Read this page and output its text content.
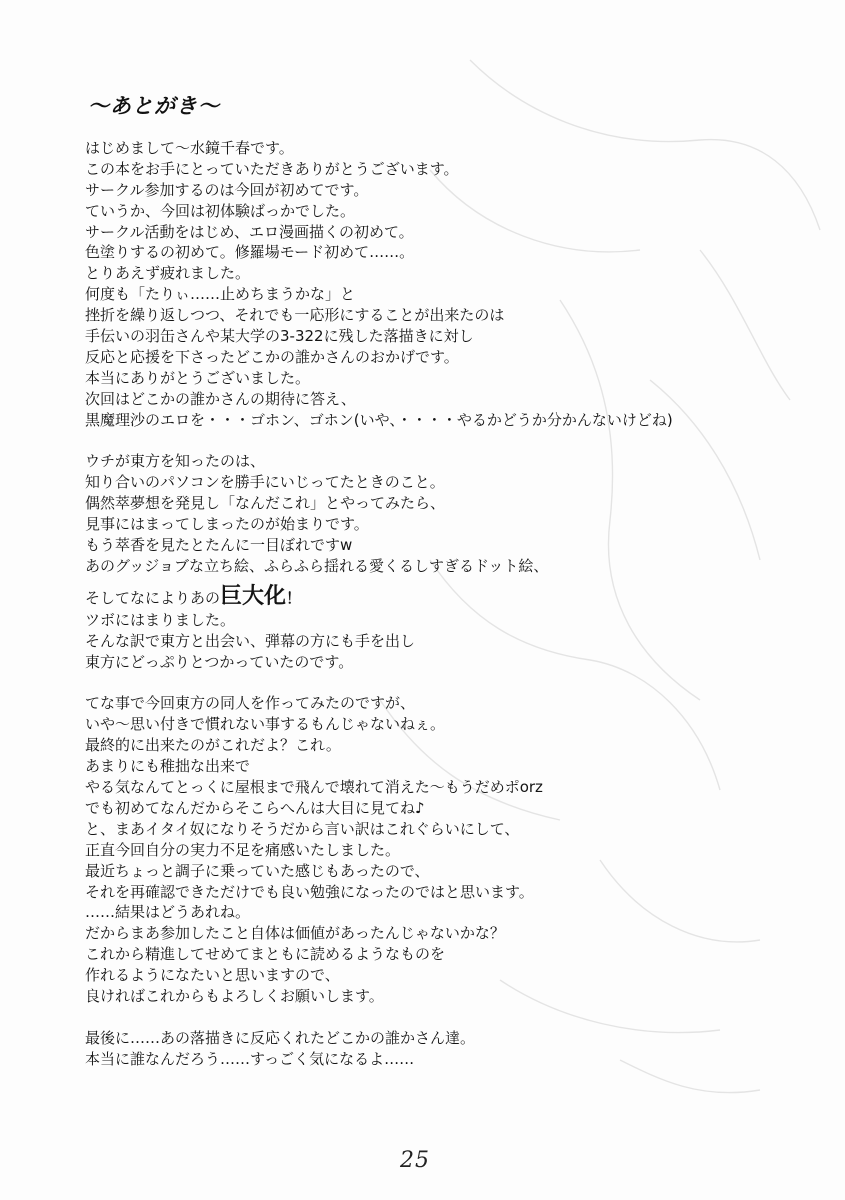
～あとがき～
はじめまして～水鏡千春です。
この本をお手にとっていただきありがとうございます。
サークル参加するのは今回が初めてです。
ていうか、今回は初体験ばっかでした。
サークル活動をはじめ、エロ漫画描くの初めて。
色塗りするの初めて。修羅場モード初めて……。
とりあえず疲れました。
何度も「たりぃ……止めちまうかな」と
挫折を繰り返しつつ、それでも一応形にすることが出来たのは
手伝いの羽缶さんや某大学の3-322に残した落描きに対し
反応と応援を下さったどこかの誰かさんのおかげです。
本当にありがとうございました。
次回はどこかの誰かさんの期待に答え、
黒魔理沙のエロを・・・ゴホン、ゴホン(いや、・・・・やるかどうか分かんないけどね)
ウチが東方を知ったのは、
知り合いのパソコンを勝手にいじってたときのこと。
偶然萃夢想を発見し「なんだこれ」とやってみたら、
見事にはまってしまったのが始まりです。
もう萃香を見たとたんに一目ぼれですw
あのグッジョブな立ち絵、ふらふら揺れる愛くるしすぎるドット絵、
そしてなによりあの巨大化！
ツボにはまりました。
そんな訳で東方と出会い、弾幕の方にも手を出し
東方にどっぷりとつかっていたのです。
てな事で今回東方の同人を作ってみたのですが、
いや～思い付きで慣れない事するもんじゃないねぇ。
最終的に出来たのがこれだよ？これ。
あまりにも稚拙な出来で
やる気なんてとっくに屋根まで飛んで壊れて消えた～もうだめポorz
でも初めてなんだからそこらへんは大目に見てね♪
と、まあイタイ奴になりそうだから言い訳はこれぐらいにして、
正直今回自分の実力不足を痛感いたしました。
最近ちょっと調子に乗っていた感じもあったので、
それを再確認できただけでも良い勉強になったのではと思います。
……結果はどうあれね。
だからまあ参加したこと自体は価値があったんじゃないかな？
これから精進してせめてまともに読めるようなものを
作れるようになたいと思いますので、
良ければこれからもよろしくお願いします。
最後に……あの落描きに反応くれたどこかの誰かさん達。
本当に誰なんだろう……すっごく気になるよ……
25
